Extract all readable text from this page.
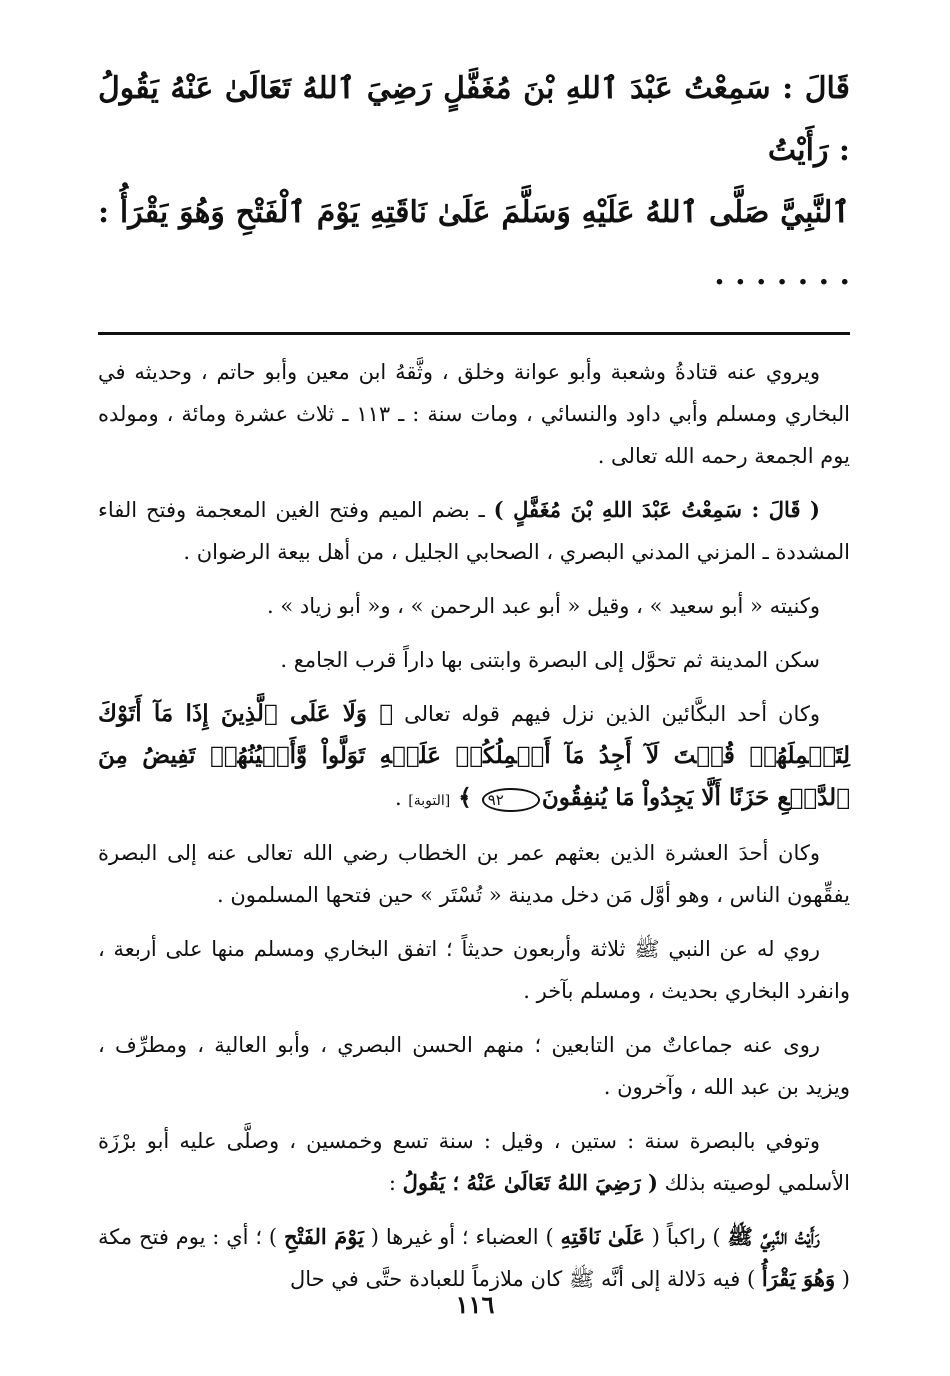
قَالَ : سَمِعْتُ عَبْدَ ٱللهِ بْنَ مُغَفَّلٍ رَضِيَ ٱللهُ تَعَالَىٰ عَنْهُ يَقُولُ : رَأَيْتُ
ٱلنَّبِيَّ صَلَّى ٱللهُ عَلَيْهِ وَسَلَّمَ عَلَىٰ نَاقَتِهِ يَوْمَ ٱلْفَتْحِ وَهُوَ يَقْرَأُ : . . . . . . .

ويروي عنه قتادةُ وشعبة وأبو عوانة وخلق ، وثَّقهُ ابن معين وأبو حاتم ، وحديثه في البخاري ومسلم وأبي داود والنسائي ، ومات سنة : ـ ١١٣ ـ ثلاث عشرة ومائة ، ومولده يوم الجمعة رحمه الله تعالى .

( قَالَ : سَمِعْتُ عَبْدَ اللهِ بْنَ مُغَفَّلٍ ) ـ بضم الميم وفتح الغين المعجمة وفتح الفاء المشددة ـ المزني المدني البصري ، الصحابي الجليل ، من أهل بيعة الرضوان .

وكنيته « أبو سعيد » ، وقيل « أبو عبد الرحمن » ، و« أبو زياد » .

سكن المدينة ثم تحوَّل إلى البصرة وابتنى بها داراً قرب الجامع .

وكان أحد البكَّائين الذين نزل فيهم قوله تعالى ﴿ وَلَا عَلَى ٱلَّذِينَ إِذَا مَآ أَتَوْكَ لِتَحۡمِلَهُمۡ قُلۡتَ لَآ أَجِدُ مَآ أَحۡمِلُكُمۡ عَلَيۡهِ تَوَلَّواْ وَّأَعۡيُنُهُمۡ تَفِيضُ مِنَ ٱلدَّمۡعِ حَزَنًا أَلَّا يَجِدُواْ مَا يُنفِقُونَ٩٢ ﴾ [التوبة] .

وكان أحدَ العشرة الذين بعثهم عمر بن الخطاب رضي الله تعالى عنه إلى البصرة يفقِّهون الناس ، وهو أوَّل مَن دخل مدينة « تُسْتَر » حين فتحها المسلمون .

روي له عن النبي ﷺ ثلاثة وأربعون حديثاً ؛ اتفق البخاري ومسلم منها على أربعة ، وانفرد البخاري بحديث ، ومسلم بآخر .

روى عنه جماعاتٌ من التابعين ؛ منهم الحسن البصري ، وأبو العالية ، ومطرِّف ، ويزيد بن عبد الله ، وآخرون .

وتوفي بالبصرة سنة : ستين ، وقيل : سنة تسع وخمسين ، وصلَّى عليه أبو برْزَة الأسلمي لوصيته بذلك ( رَضِيَ اللهُ تَعَالَىٰ عَنْهُ ؛ يَقُولُ :

رَأَيْتُ النَّبِيَّ ﷺ ) راكباً ( عَلَىٰ نَاقَتِهِ ) العضباء ؛ أو غيرها ( يَوْمَ الفَتْحِ ) ؛ أي : يوم فتح مكة ( وَهُوَ يَقْرَأُ ) فيه دَلالة إلى أنَّه ﷺ كان ملازماً للعبادة حتَّى في حال

١١٦
